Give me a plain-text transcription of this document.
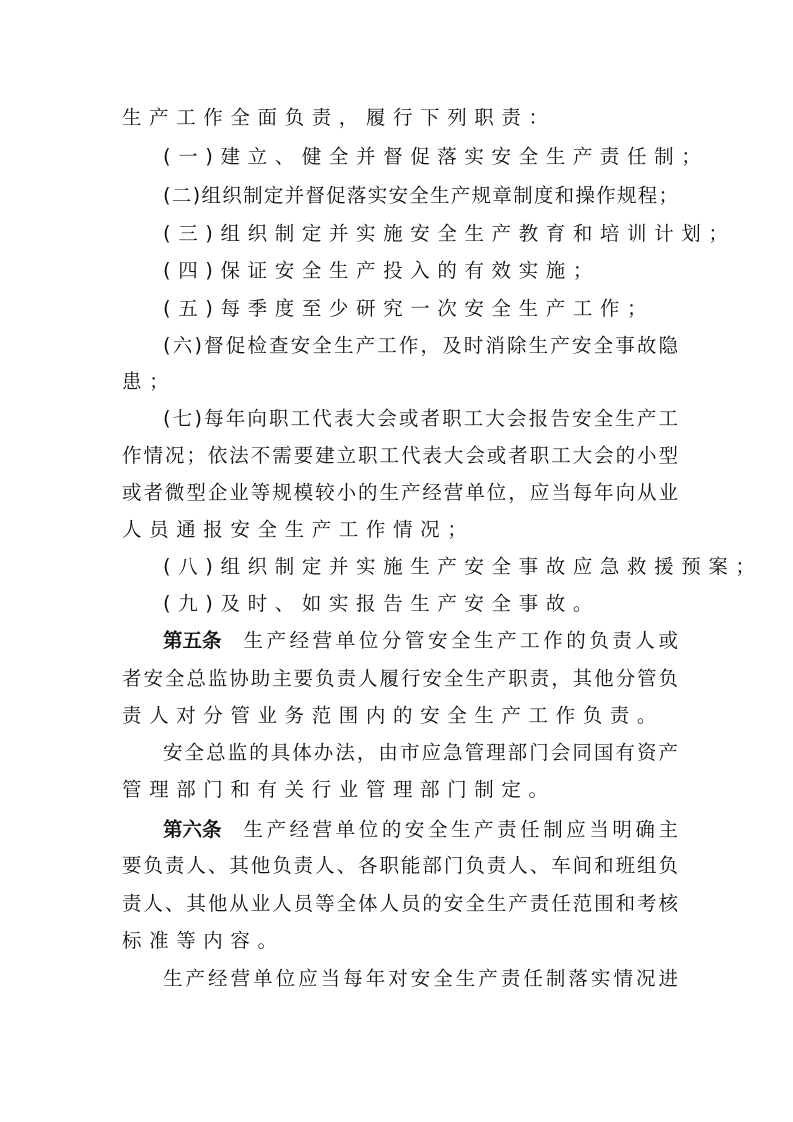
生产工作全面负责，履行下列职责：
(一)建立、健全并督促落实安全生产责任制；
(二)组织制定并督促落实安全生产规章制度和操作规程；
(三)组织制定并实施安全生产教育和培训计划；
(四)保证安全生产投入的有效实施；
(五)每季度至少研究一次安全生产工作；
(六)督促检查安全生产工作，及时消除生产安全事故隐
患；
(七)每年向职工代表大会或者职工大会报告安全生产工
作情况；依法不需要建立职工代表大会或者职工大会的小型
或者微型企业等规模较小的生产经营单位，应当每年向从业
人员通报安全生产工作情况；
(八)组织制定并实施生产安全事故应急救援预案；
(九)及时、如实报告生产安全事故。
第五条 生产经营单位分管安全生产工作的负责人或
者安全总监协助主要负责人履行安全生产职责，其他分管负
责人对分管业务范围内的安全生产工作负责。
安全总监的具体办法，由市应急管理部门会同国有资产
管理部门和有关行业管理部门制定。
第六条 生产经营单位的安全生产责任制应当明确主
要负责人、其他负责人、各职能部门负责人、车间和班组负
责人、其他从业人员等全体人员的安全生产责任范围和考核
标准等内容。
生产经营单位应当每年对安全生产责任制落实情况进
